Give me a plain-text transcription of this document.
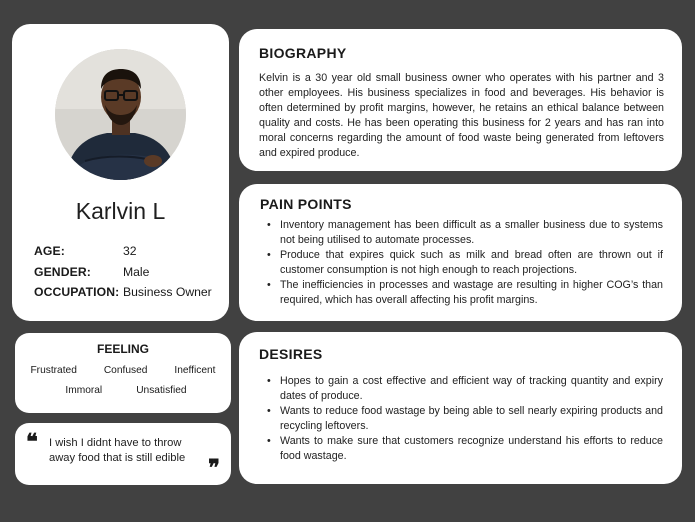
Karlvin L
AGE:	32
GENDER:	Male
OCCUPATION: Business Owner
FEELING
Frustrated	Confused	Inefficent
Immoral	Unsatisfied
❝ I wish I didnt have to throw away food that is still edible	❞
BIOGRAPHY
Kelvin is a 30 year old small business owner who operates with his partner and 3 other employees. His business specializes in food and beverages. His behavior is often determined by profit margins, however, he retains an ethical balance between quality and costs. He has been operating this business for 2 years and has ran into moral concerns regarding the amount of food waste being generated from leftovers and expired produce.
PAIN POINTS
• Inventory management has been difficult as a smaller business due to systems not being utilised to automate processes.
• Produce that expires quick such as milk and bread often are thrown out if customer consumption is not high enough to reach projections.
• The inefficiencies in processes and wastage are resulting in higher COG’s than required, which has overall affecting his profit margins.
DESIRES
• Hopes to gain a cost effective and efficient way of tracking quantity and expiry dates of produce.
• Wants to reduce food wastage by being able to sell nearly expiring products and recycling leftovers.
• Wants to make sure that customers recognize understand his efforts to reduce food wastage.
